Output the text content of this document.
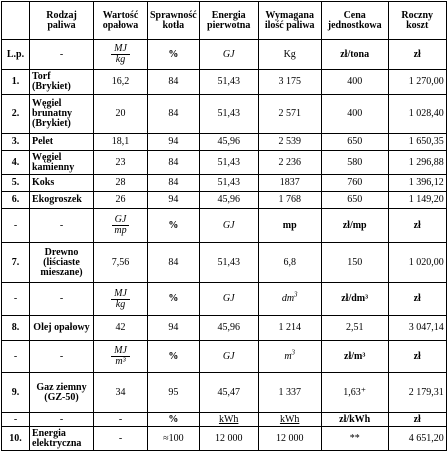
	Rodzaj paliwa	Wartość opałowa	Sprawność kotła	Energia pierwotna	Wymagana ilość paliwa	Cena jednostkowa	Roczny koszt
L.p.	-	$\frac{MJ}{kg}$	%	GJ	Kg	zł/tona	zł
1.	Torf (Brykiet)	16,2	84	51,43	3 175	400	1 270,00
2.	Węgiel brunatny (Brykiet)	20	84	51,43	2 571	400	1 028,40
3.	Pelet	18,1	94	45,96	2 539	650	1 650,35
4.	Węgiel kamienny	23	84	51,43	2 236	580	1 296,88
5.	Koks	28	84	51,43	1837	760	1 396,12
6.	Ekogroszek	26	94	45,96	1 768	650	1 149,20
-	-	$\frac{GJ}{mp}$	%	GJ	mp	zł/mp	zł
7.	Drewno (liściaste mieszane)	7,56	84	51,43	6,8	150	1 020,00
-	-	$\frac{MJ}{kg}$	%	GJ	$dm^3$	zł/dm³	zł
8.	Olej opałowy	42	94	45,96	1 214	2,51	3 047,14
-	-	$\frac{MJ}{\text{m³}}$	%	GJ	$m^3$	zł/m³	zł
9.	Gaz ziemny (GZ-50)	34	95	45,47	1 337	1,63⁺	2 179,31
-	-	-	%	kWh	kWh	zł/kWh	zł
10.	Energia elektryczna	-	≈100	12 000	12 000	**	4 651,20
